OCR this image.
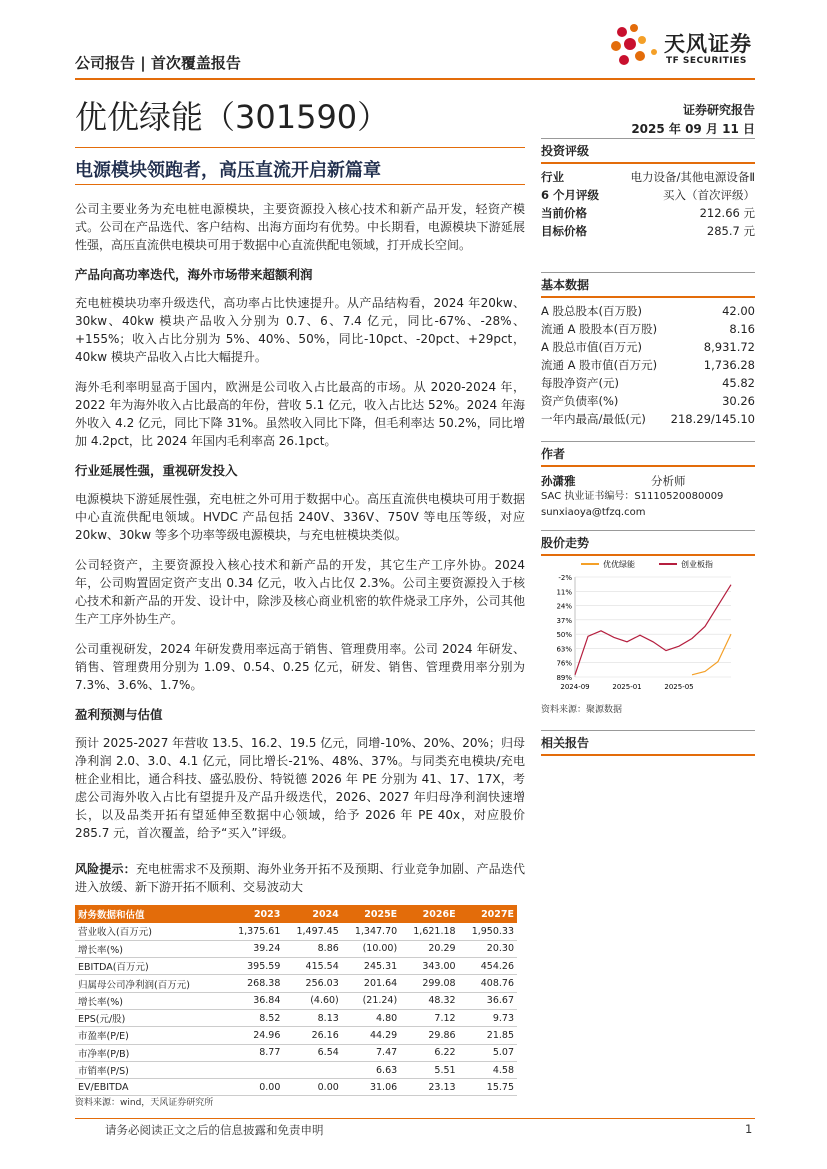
公司报告 | 首次覆盖报告
天风证券
TF SECURITIES
优优绿能（301590）	证券研究报告
2025 年 09 月 11 日
电源模块领跑者，高压直流开启新篇章

公司主要业务为充电桩电源模块，主要资源投入核心技术和新产品开发，轻资产模式。公司在产品选代、客户结构、出海方面均有优势。中长期看，电源模块下游延展性强，高压直流供电模块可用于数据中心直流供配电领域，打开成长空间。

产品向高功率迭代，海外市场带来超额利润

充电桩模块功率升级迭代，高功率占比快速提升。从产品结构看，2024 年20kw、30kw、40kw 模块产品收入分别为 0.7、6、7.4 亿元，同比-67%、-28%、+155%；收入占比分别为 5%、40%、50%，同比-10pct、-20pct、+29pct，40kw 模块产品收入占比大幅提升。

海外毛利率明显高于国内，欧洲是公司收入占比最高的市场。从 2020-2024 年，2022 年为海外收入占比最高的年份，营收 5.1 亿元，收入占比达 52%。2024 年海外收入 4.2 亿元，同比下降 31%。虽然收入同比下降，但毛利率达 50.2%，同比增加 4.2pct，比 2024 年国内毛利率高 26.1pct。

行业延展性强，重视研发投入

电源模块下游延展性强，充电桩之外可用于数据中心。高压直流供电模块可用于数据中心直流供配电领域。HVDC 产品包括 240V、336V、750V 等电压等级，对应 20kw、30kw 等多个功率等级电源模块，与充电桩模块类似。

公司轻资产，主要资源投入核心技术和新产品的开发，其它生产工序外协。2024 年，公司购置固定资产支出 0.34 亿元，收入占比仅 2.3%。公司主要资源投入于核心技术和新产品的开发、设计中，除涉及核心商业机密的软件烧录工序外，公司其他生产工序外协生产。

公司重视研发，2024 年研发费用率远高于销售、管理费用率。公司 2024 年研发、销售、管理费用分别为 1.09、0.54、0.25 亿元，研发、销售、管理费用率分别为 7.3%、3.6%、1.7%。

盈利预测与估值

预计 2025-2027 年营收 13.5、16.2、19.5 亿元，同增-10%、20%、20%；归母净利润 2.0、3.0、4.1 亿元，同比增长-21%、48%、37%。与同类充电模块/充电桩企业相比，通合科技、盛弘股份、特锐德 2026 年 PE 分别为 41、17、17X，考虑公司海外收入占比有望提升及产品升级迭代，2026、2027 年归母净利润快速增长，以及品类开拓有望延伸至数据中心领域，给予 2026 年 PE 40x，对应股价 285.7 元，首次覆盖，给予“买入”评级。

风险提示：充电桩需求不及预期、海外业务开拓不及预期、行业竞争加剧、产品迭代进入放缓、新下游开拓不顺利、交易波动大

投资评级
行业	电力设备/其他电源设备Ⅱ
6 个月评级	买入（首次评级）
当前价格	212.66 元
目标价格	285.7 元
基本数据
A 股总股本(百万股)	42.00
流通 A 股股本(百万股)	8.16
A 股总市值(百万元)	8,931.72
流通 A 股市值(百万元)	1,736.28
每股净资产(元)	45.82
资产负债率(%)	30.26
一年内最高/最低(元) 218.29/145.10
作者
孙潇雅	分析师
SAC 执业证书编号：S1110520080009
sunxiaoya@tfzq.com
股价走势
优优绿能	创业板指
89%
76%
63%
50%
37%
24%
11%
-2%
2024-09	2025-01	2025-05
资料来源：聚源数据
相关报告
财务数据和估值	2023	2024	2025E	2026E	2027E
营业收入(百万元)	1,375.61	1,497.45	1,347.70	1,621.18	1,950.33
增长率(%)	39.24	8.86	(10.00)	20.29	20.30
EBITDA(百万元)	395.59	415.54	245.31	343.00	454.26
归属母公司净利润(百万元)	268.38	256.03	201.64	299.08	408.76
增长率(%)	36.84	(4.60)	(21.24)	48.32	36.67
EPS(元/股)	8.52	8.13	4.80	7.12	9.73
市盈率(P/E)	24.96	26.16	44.29	29.86	21.85
市净率(P/B)	8.77	6.54	7.47	6.22	5.07
市销率(P/S)			6.63	5.51	4.58
EV/EBITDA	0.00	0.00	31.06	23.13	15.75
资料来源：wind，天风证券研究所
请务必阅读正文之后的信息披露和免责申明	1
